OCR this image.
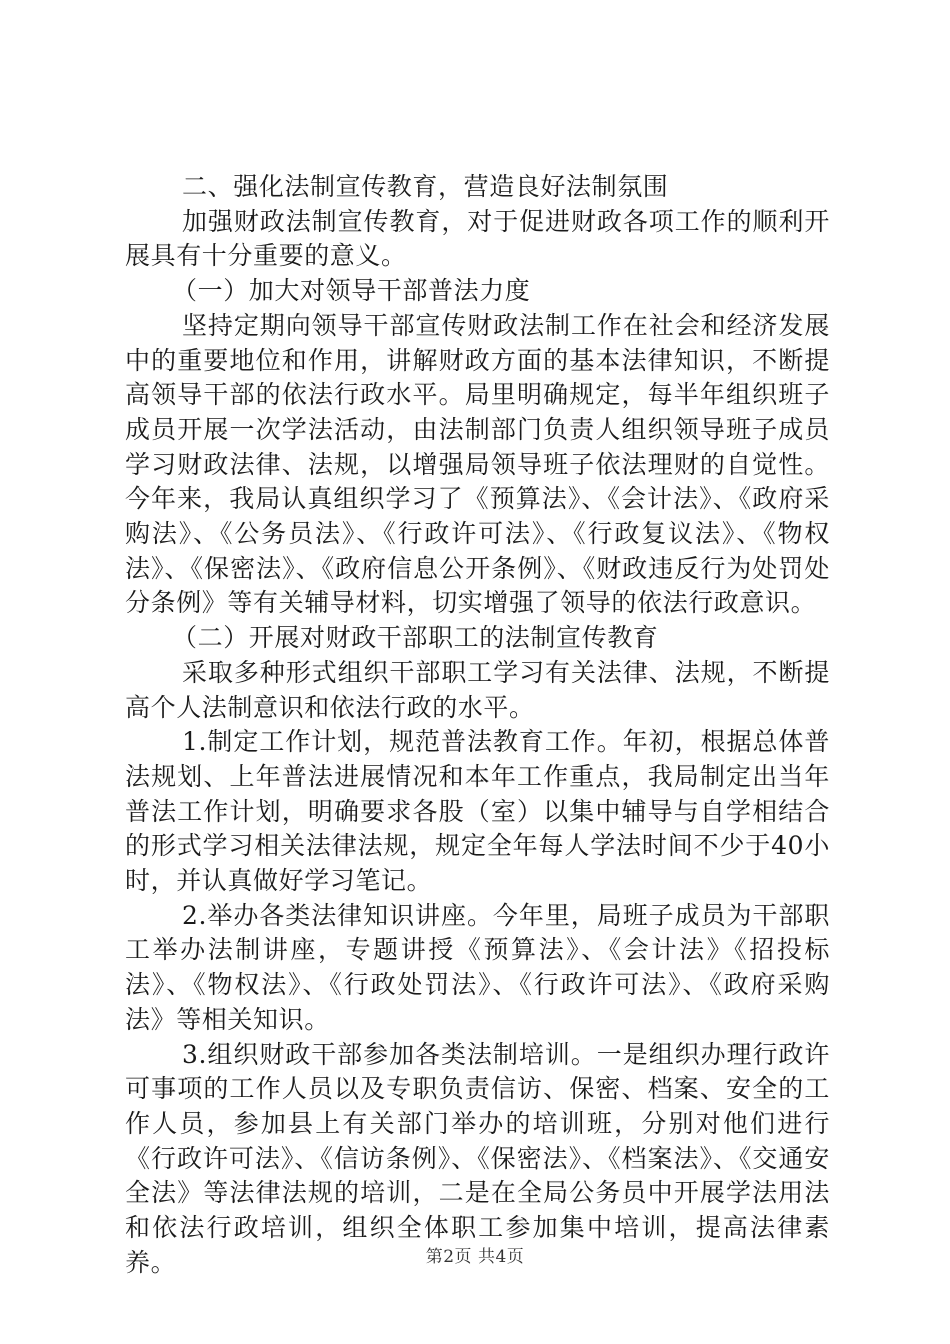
二、强化法制宣传教育，营造良好法制氛围

加强财政法制宣传教育，对于促进财政各项工作的顺利开展具有十分重要的意义。

（一）加大对领导干部普法力度

坚持定期向领导干部宣传财政法制工作在社会和经济发展中的重要地位和作用，讲解财政方面的基本法律知识，不断提高领导干部的依法行政水平。局里明确规定，每半年组织班子成员开展一次学法活动，由法制部门负责人组织领导班子成员学习财政法律、法规，以增强局领导班子依法理财的自觉性。今年来，我局认真组织学习了《预算法》、《会计法》、《政府采购法》、《公务员法》、《行政许可法》、《行政复议法》、《物权法》、《保密法》、《政府信息公开条例》、《财政违反行为处罚处分条例》等有关辅导材料，切实增强了领导的依法行政意识。

（二）开展对财政干部职工的法制宣传教育

采取多种形式组织干部职工学习有关法律、法规，不断提高个人法制意识和依法行政的水平。

1.制定工作计划，规范普法教育工作。年初，根据总体普法规划、上年普法进展情况和本年工作重点，我局制定出当年普法工作计划，明确要求各股（室）以集中辅导与自学相结合的形式学习相关法律法规，规定全年每人学法时间不少于40小时，并认真做好学习笔记。

2.举办各类法律知识讲座。今年里，局班子成员为干部职工举办法制讲座，专题讲授《预算法》、《会计法》《招投标法》、《物权法》、《行政处罚法》、《行政许可法》、《政府采购法》等相关知识。

3.组织财政干部参加各类法制培训。一是组织办理行政许可事项的工作人员以及专职负责信访、保密、档案、安全的工作人员，参加县上有关部门举办的培训班，分别对他们进行《行政许可法》、《信访条例》、《保密法》、《档案法》、《交通安全法》等法律法规的培训，二是在全局公务员中开展学法用法和依法行政培训，组织全体职工参加集中培训，提高法律素养。	第2页 共4页
